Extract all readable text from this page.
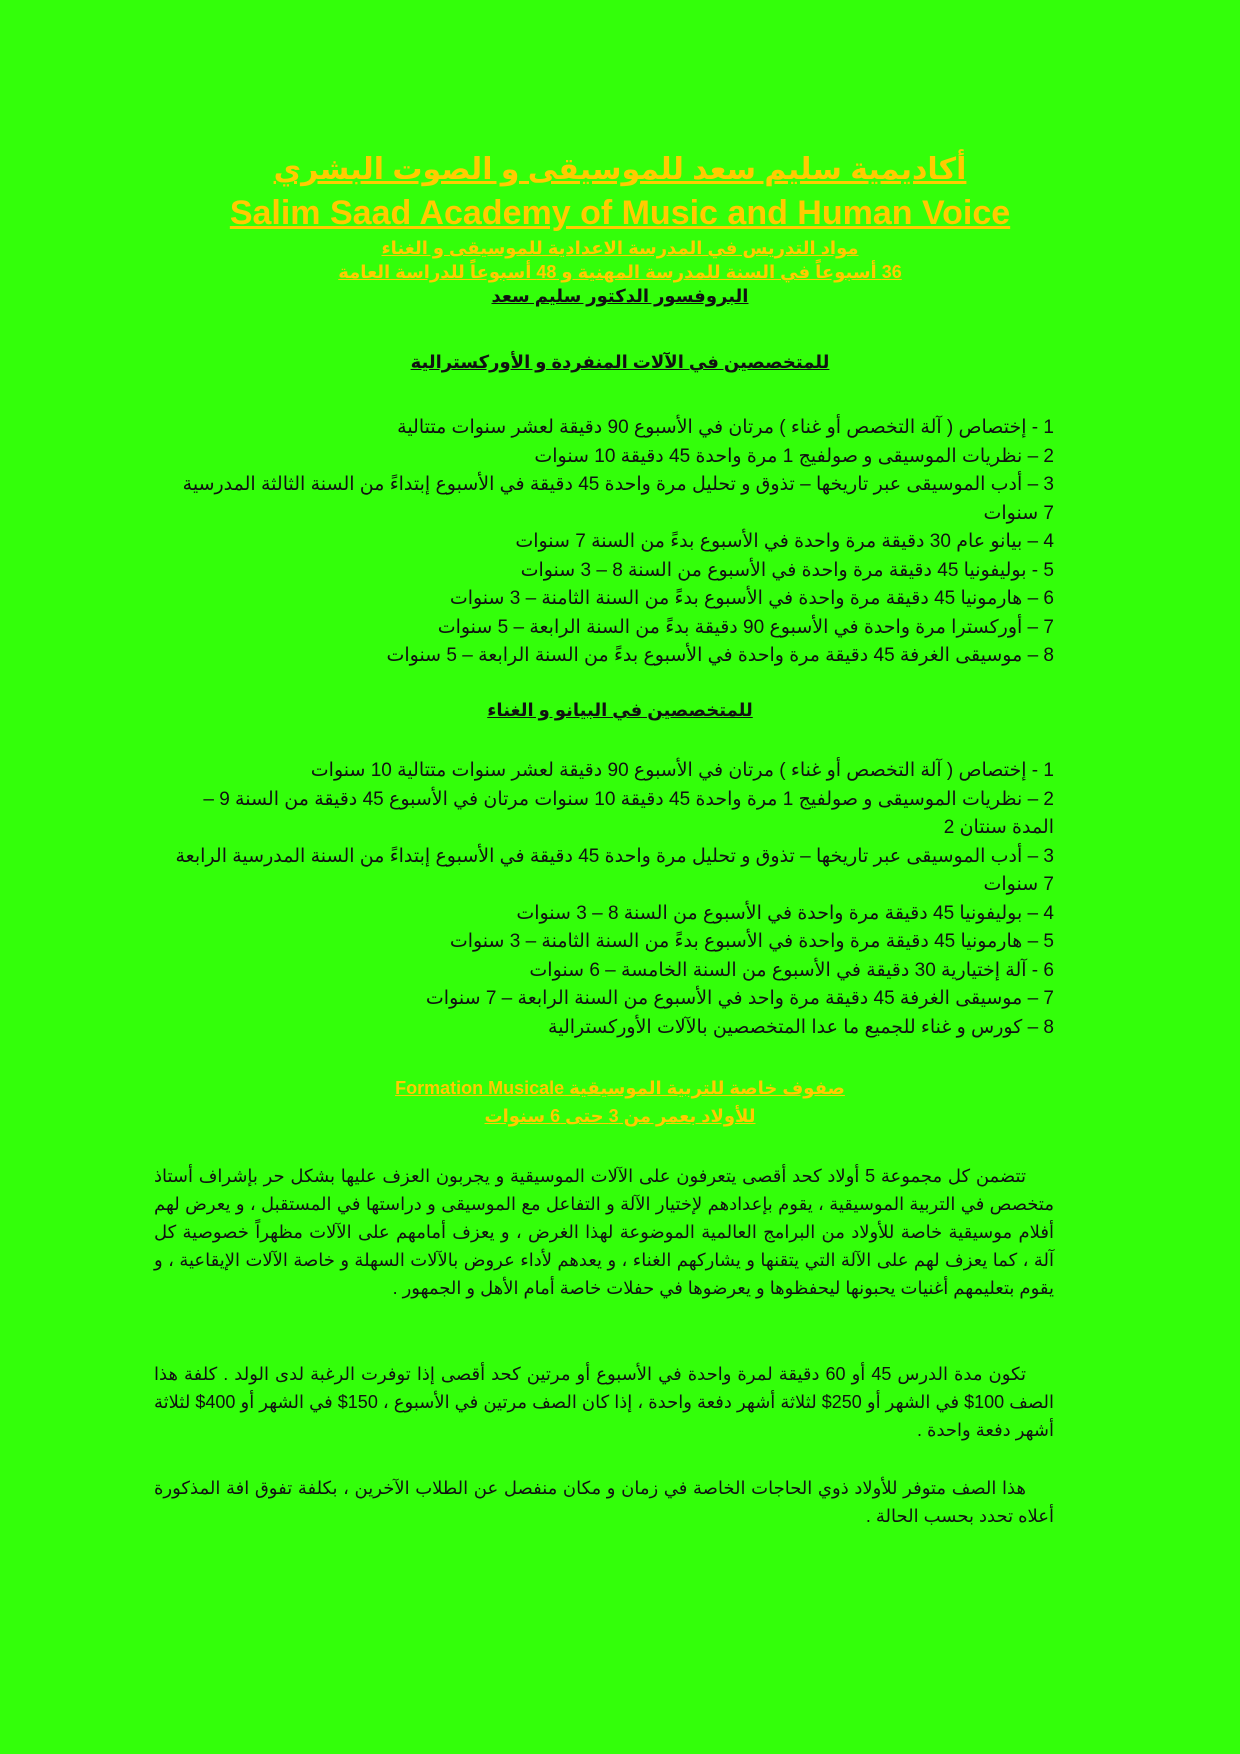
أكاديمية سليم سعد للموسيقى و الصوت البشري
Salim Saad Academy of Music and Human Voice
مواد التدريس في المدرسة الاعدادية للموسيقى و الغناء
36 أسبوعاً في السنة للمدرسة المهنية و 48 أسبوعاً للدراسة العامة
البروفسور الدكتور سليم سعد
للمتخصصين في الآلات المنفردة و الأوركسترالية

1 - إختصاص ( آلة التخصص أو غناء ) مرتان في الأسبوع 90 دقيقة لعشر سنوات متتالية

2 – نظريات الموسيقى و صولفيج 1 مرة واحدة 45 دقيقة 10 سنوات

3 – أدب الموسيقى عبر تاريخها – تذوق و تحليل مرة واحدة 45 دقيقة في الأسبوع إبتداءً من السنة الثالثة المدرسية 7 سنوات

4 – بيانو عام 30 دقيقة مرة واحدة في الأسبوع بدءً من السنة 7 سنوات

5 - بوليفونيا 45 دقيقة مرة واحدة في الأسبوع من السنة 8 – 3 سنوات

6 – هارمونيا 45 دقيقة مرة واحدة في الأسبوع بدءً من السنة الثامنة – 3 سنوات

7 – أوركسترا مرة واحدة في الأسبوع 90 دقيقة بدءً من السنة الرابعة – 5 سنوات

8 – موسيقى الغرفة 45 دقيقة مرة واحدة في الأسبوع بدءً من السنة الرابعة – 5 سنوات

للمتخصصين في البيانو و الغناء

1 - إختصاص ( آلة التخصص أو غناء ) مرتان في الأسبوع 90 دقيقة لعشر سنوات متتالية 10 سنوات

2 – نظريات الموسيقى و صولفيج 1 مرة واحدة 45 دقيقة 10 سنوات مرتان في الأسبوع 45 دقيقة من السنة 9 – المدة سنتان 2

3 – أدب الموسيقى عبر تاريخها – تذوق و تحليل مرة واحدة 45 دقيقة في الأسبوع إبتداءً من السنة المدرسية الرابعة 7 سنوات

4 – بوليفونيا 45 دقيقة مرة واحدة في الأسبوع من السنة 8 – 3 سنوات

5 – هارمونيا 45 دقيقة مرة واحدة في الأسبوع بدءً من السنة الثامنة – 3 سنوات

6 - آلة إختيارية 30 دقيقة في الأسبوع من السنة الخامسة – 6 سنوات

7 – موسيقى الغرفة 45 دقيقة مرة واحد في الأسبوع من السنة الرابعة – 7 سنوات

8 – كورس و غناء للجميع ما عدا المتخصصين بالآلات الأوركسترالية

صفوف خاصة للتربية الموسيقية Formation Musicale
للأولاد بعمر من 3 حتى 6 سنوات
تتضمن كل مجموعة 5 أولاد كحد أقصى يتعرفون على الآلات الموسيقية و يجربون العزف عليها بشكل حر بإشراف أستاذ متخصص في التربية الموسيقية ، يقوم بإعدادهم لإختيار الآلة و التفاعل مع الموسيقى و دراستها في المستقبل ، و يعرض لهم أفلام موسيقية خاصة للأولاد من البرامج العالمية الموضوعة لهذا الغرض ، و يعزف أمامهم على الآلات مظهراً خصوصية كل آلة ، كما يعزف لهم على الآلة التي يتقنها و يشاركهم الغناء ، و يعدهم لأداء عروض بالآلات السهلة و خاصة الآلات الإيقاعية ، و يقوم بتعليمهم أغنيات يحبونها ليحفظوها و يعرضوها في حفلات خاصة أمام الأهل و الجمهور .
تكون مدة الدرس 45 أو 60 دقيقة لمرة واحدة في الأسبوع أو مرتين كحد أقصى إذا توفرت الرغبة لدى الولد . كلفة هذا الصف 100$ في الشهر أو 250$ لثلاثة أشهر دفعة واحدة ، إذا كان الصف مرتين في الأسبوع ، 150$ في الشهر أو 400$ لثلاثة أشهر دفعة واحدة .
هذا الصف متوفر للأولاد ذوي الحاجات الخاصة في زمان و مكان منفصل عن الطلاب الآخرين ، بكلفة تفوق افة المذكورة أعلاه تحدد بحسب الحالة .
